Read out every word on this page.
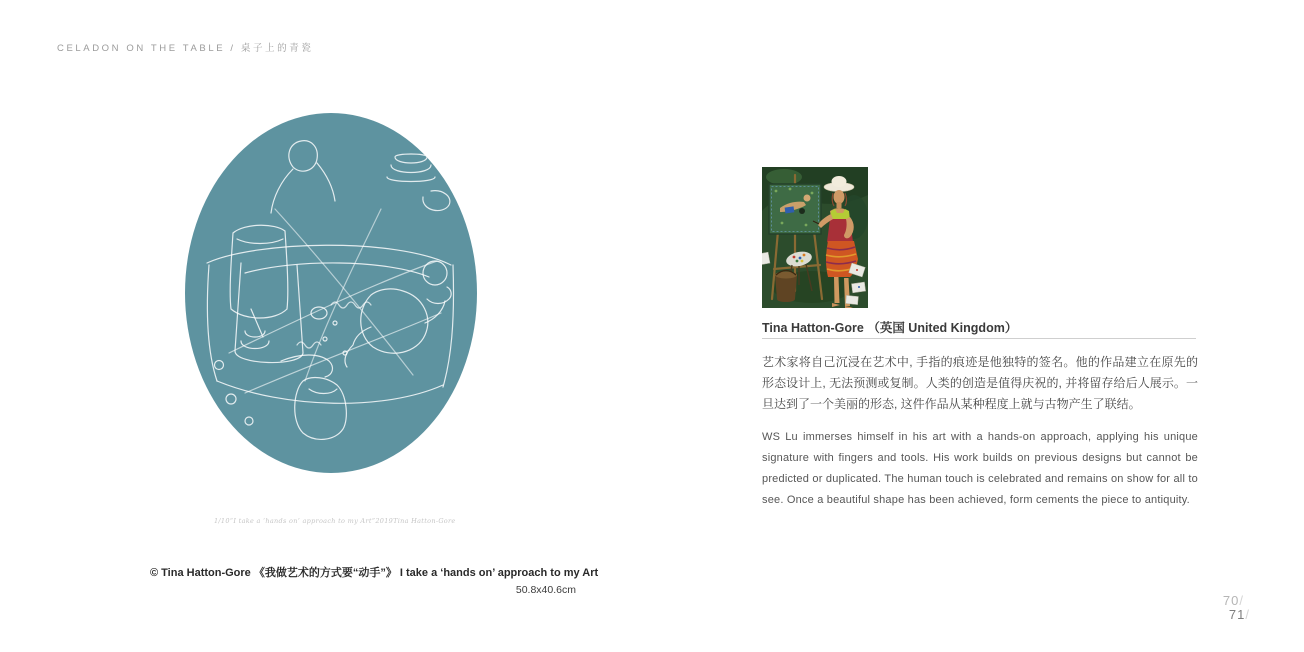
CELADON ON THE TABLE / 桌子上的青瓷
1/10 “I take a ‘hands on’ approach to my Art” 2019 Tina Hatton-Gore
© Tina Hatton-Gore 《我做艺术的方式要“动手”》 I take a ‘hands on’ approach to my Art
50.8x40.6cm
Tina Hatton-Gore （英国 United Kingdom）

艺术家将自己沉浸在艺术中, 手指的痕迹是他独特的签名。他的作品建立在原先的形态设计上, 无法预测或复制。人类的创造是值得庆祝的, 并将留存给后人展示。一旦达到了一个美丽的形态, 这件作品从某种程度上就与古物产生了联结。

WS Lu immerses himself in his art with a hands-on approach, applying his unique signature with fingers and tools. His work builds on previous designs but cannot be predicted or duplicated. The human touch is celebrated and remains on show for all to see. Once a beautiful shape has been achieved, form cements the piece to antiquity.

70/
71/
